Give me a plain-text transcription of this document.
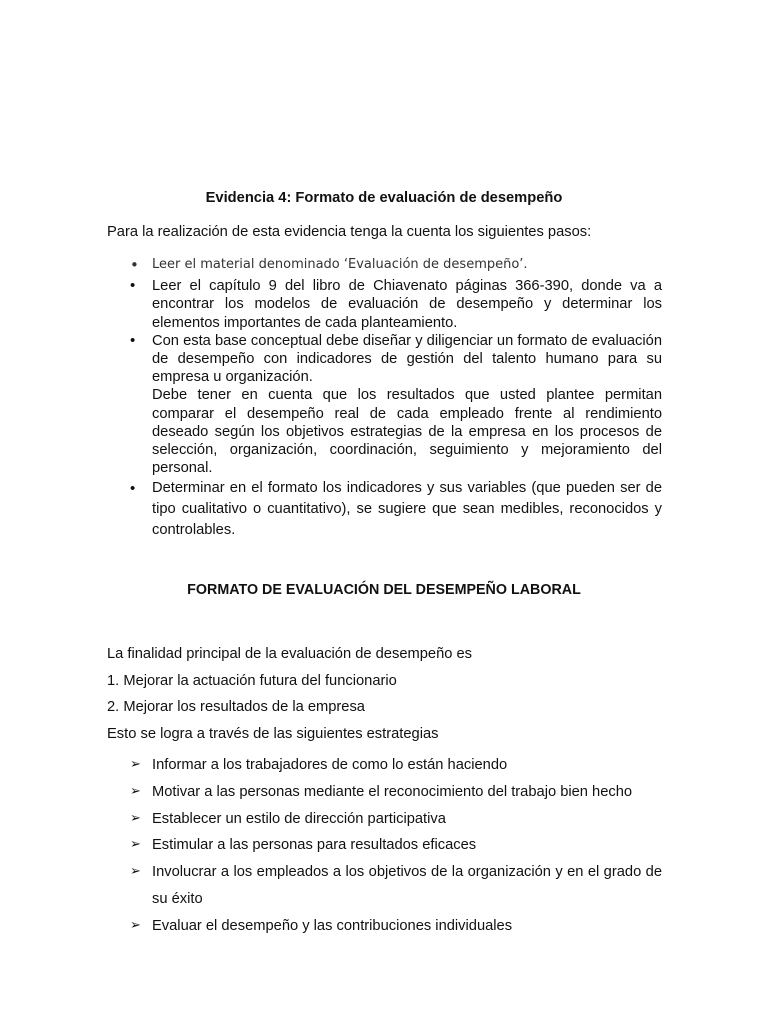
Evidencia 4: Formato de evaluación de desempeño

Para la realización de esta evidencia tenga la cuenta los siguientes pasos:

• Leer el material denominado ‘Evaluación de desempeño’.
• Leer el capítulo 9 del libro de Chiavenato páginas 366-390, donde va a encontrar los modelos de evaluación de desempeño y determinar los elementos importantes de cada planteamiento.
• Con esta base conceptual debe diseñar y diligenciar un formato de evaluación de desempeño con indicadores de gestión del talento humano para su empresa u organización.
Debe tener en cuenta que los resultados que usted plantee permitan comparar el desempeño real de cada empleado frente al rendimiento deseado según los objetivos estrategias de la empresa en los procesos de selección, organización, coordinación, seguimiento y mejoramiento del personal.
• Determinar en el formato los indicadores y sus variables (que pueden ser de tipo cualitativo o cuantitativo), se sugiere que sean medibles, reconocidos y controlables.

FORMATO DE EVALUACIÓN DEL DESEMPEÑO LABORAL

La finalidad principal de la evaluación de desempeño es

1. Mejorar la actuación futura del funcionario

2. Mejorar los resultados de la empresa

Esto se logra a través de las siguientes estrategias

➢ Informar a los trabajadores de como lo están haciendo
➢ Motivar a las personas mediante el reconocimiento del trabajo bien hecho
➢ Establecer un estilo de dirección participativa
➢ Estimular a las personas para resultados eficaces
➢ Involucrar a los empleados a los objetivos de la organización y en el grado de su éxito
➢ Evaluar el desempeño y las contribuciones individuales
